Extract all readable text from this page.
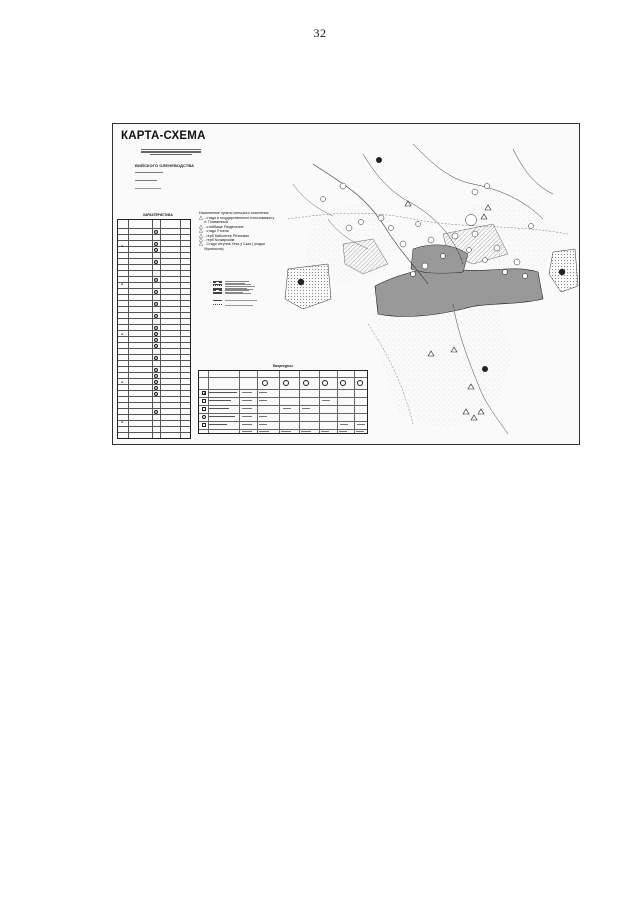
32
КАРТА-СХЕМА
ВИЙСКОГО ОЛЕНЕВОДСТВА
ХАРАКТЕРИСТИКА
●
●
●
●
●
Населенные пункты сельского поселения
△ - стадо в государственного пользования у п. Пламенный
△ - стойбище Раздельное
△ - стадо Утсели
△ - герб Кайссегер Рёзахман
△ - герб Кочкарским
△ - Стадо отгулов Хета у Сказ ( угодье Мунильгия)
Биоресурсы
▲
